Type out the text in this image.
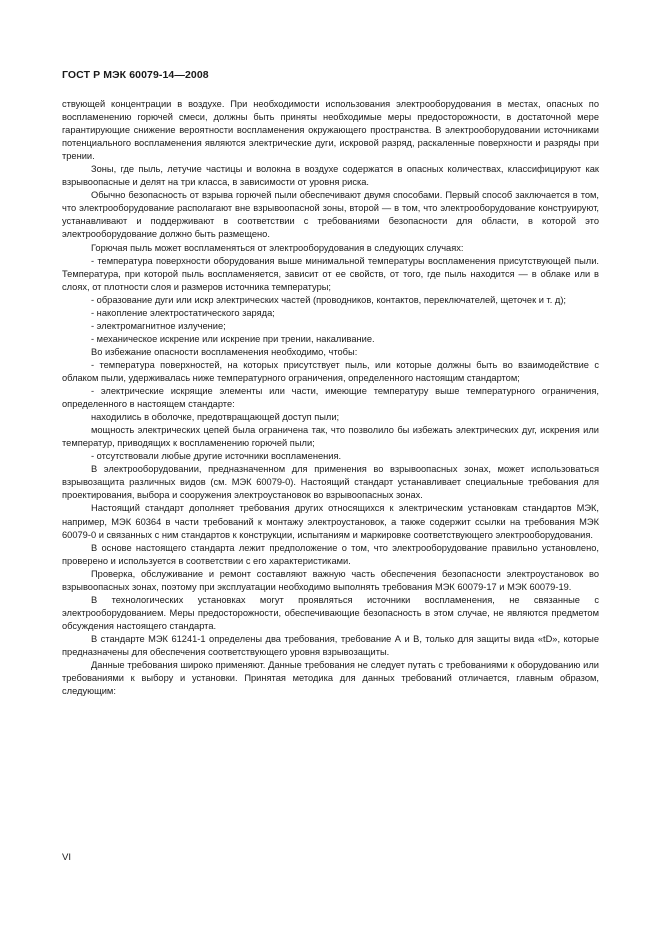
ГОСТ Р МЭК 60079-14—2008

ствующей концентрации в воздухе. При необходимости использования электрооборудования в местах, опасных по воспламенению горючей смеси, должны быть приняты необходимые меры предосторожности, в достаточной мере гарантирующие снижение вероятности воспламенения окружающего пространства. В электрооборудовании источниками потенциального воспламенения являются электрические дуги, искровой разряд, раскаленные поверхности и разряды при трении.

Зоны, где пыль, летучие частицы и волокна в воздухе содержатся в опасных количествах, классифицируют как взрывоопасные и делят на три класса, в зависимости от уровня риска.

Обычно безопасность от взрыва горючей пыли обеспечивают двумя способами. Первый способ заключается в том, что электрооборудование располагают вне взрывоопасной зоны, второй — в том, что электрооборудование конструируют, устанавливают и поддерживают в соответствии с требованиями безопасности для области, в которой это электрооборудование должно быть размещено.

Горючая пыль может воспламеняться от электрооборудования в следующих случаях:

- температура поверхности оборудования выше минимальной температуры воспламенения присутствующей пыли. Температура, при которой пыль воспламеняется, зависит от ее свойств, от того, где пыль находится — в облаке или в слоях, от плотности слоя и размеров источника температуры;

- образование дуги или искр электрических частей (проводников, контактов, переключателей, щеточек и т. д);

- накопление электростатического заряда;

- электромагнитное излучение;

- механическое искрение или искрение при трении, накаливание.

Во избежание опасности воспламенения необходимо, чтобы:

- температура поверхностей, на которых присутствует пыль, или которые должны быть во взаимодействие с облаком пыли, удерживалась ниже температурного ограничения, определенного настоящим стандартом;

- электрические искрящие элементы или части, имеющие температуру выше температурного ограничения, определенного в настоящем стандарте:

находились в оболочке, предотвращающей доступ пыли;

мощность электрических цепей была ограничена так, что позволило бы избежать электрических дуг, искрения или температур, приводящих к воспламенению горючей пыли;

- отсутствовали любые другие источники воспламенения.

В электрооборудовании, предназначенном для применения во взрывоопасных зонах, может использоваться взрывозащита различных видов (см. МЭК 60079-0). Настоящий стандарт устанавливает специальные требования для проектирования, выбора и сооружения электроустановок во взрывоопасных зонах.

Настоящий стандарт дополняет требования других относящихся к электрическим установкам стандартов МЭК, например, МЭК 60364 в части требований к монтажу электроустановок, а также содержит ссылки на требования МЭК 60079-0 и связанных с ним стандартов к конструкции, испытаниям и маркировке соответствующего электрооборудования.

В основе настоящего стандарта лежит предположение о том, что электрооборудование правильно установлено, проверено и используется в соответствии с его характеристиками.

Проверка, обслуживание и ремонт составляют важную часть обеспечения безопасности электроустановок во взрывоопасных зонах, поэтому при эксплуатации необходимо выполнять требования МЭК 60079-17 и МЭК 60079-19.

В технологических установках могут проявляться источники воспламенения, не связанные с электрооборудованием. Меры предосторожности, обеспечивающие безопасность в этом случае, не являются предметом обсуждения настоящего стандарта.

В стандарте МЭК 61241-1 определены два требования, требование А и В, только для защиты вида «tD», которые предназначены для обеспечения соответствующего уровня взрывозащиты.

Данные требования широко применяют. Данные требования не следует путать с требованиями к оборудованию или требованиями к выбору и установки. Принятая методика для данных требований отличается, главным образом, следующим:

VI
